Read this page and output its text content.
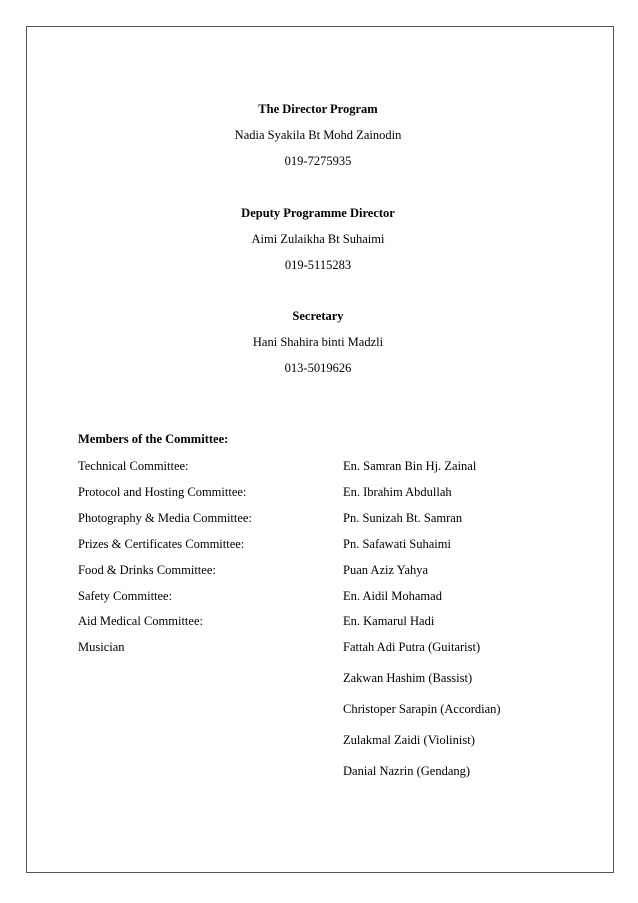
The Director Program
Nadia Syakila Bt Mohd Zainodin
019-7275935
Deputy Programme Director
Aimi Zulaikha Bt Suhaimi
019-5115283
Secretary
Hani Shahira binti Madzli
013-5019626
Members of the Committee:
Technical Committee:	En. Samran Bin Hj. Zainal
Protocol and Hosting Committee:	En. Ibrahim Abdullah
Photography & Media Committee:	Pn. Sunizah Bt. Samran
Prizes & Certificates Committee:	Pn. Safawati Suhaimi
Food & Drinks Committee:	Puan Aziz Yahya
Safety Committee:	En. Aidil Mohamad
Aid Medical Committee:	En. Kamarul Hadi
Musician	Fattah Adi Putra (Guitarist)
Zakwan Hashim (Bassist)
Christoper Sarapin (Accordian)
Zulakmal Zaidi (Violinist)
Danial Nazrin (Gendang)
